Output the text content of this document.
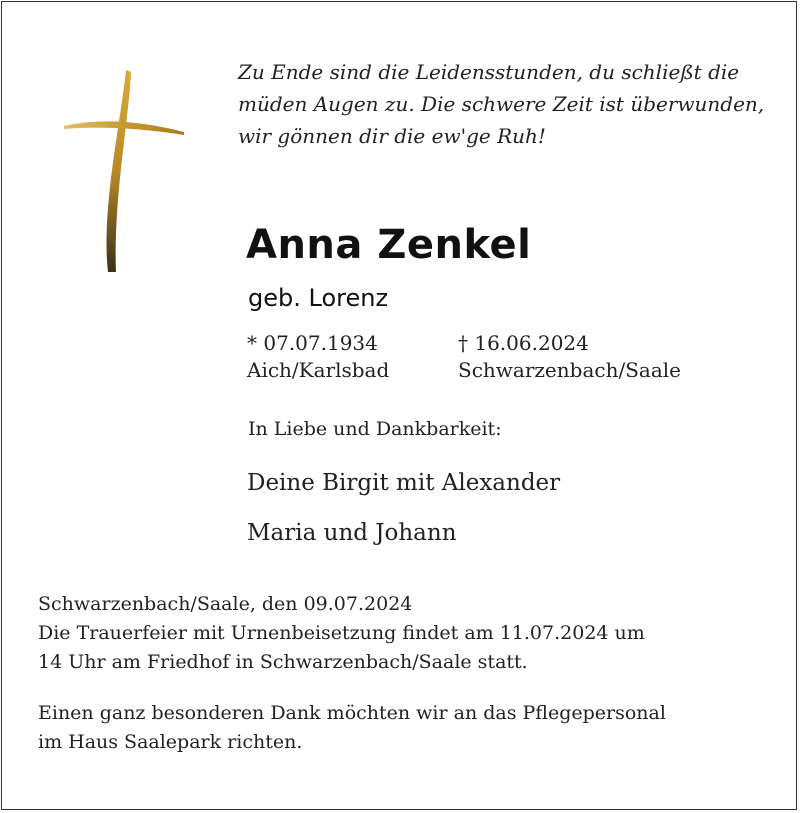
Zu Ende sind die Leidensstunden, du schließt die
müden Augen zu. Die schwere Zeit ist überwunden,
wir gönnen dir die ew'ge Ruh!
Anna Zenkel
geb. Lorenz
* 07.07.1934
Aich/Karlsbad
† 16.06.2024
Schwarzenbach/Saale
In Liebe und Dankbarkeit:
Deine Birgit mit Alexander
Maria und Johann
Schwarzenbach/Saale, den 09.07.2024
Die Trauerfeier mit Urnenbeisetzung findet am 11.07.2024 um
14 Uhr am Friedhof in Schwarzenbach/Saale statt.
Einen ganz besonderen Dank möchten wir an das Pflegepersonal
im Haus Saalepark richten.
